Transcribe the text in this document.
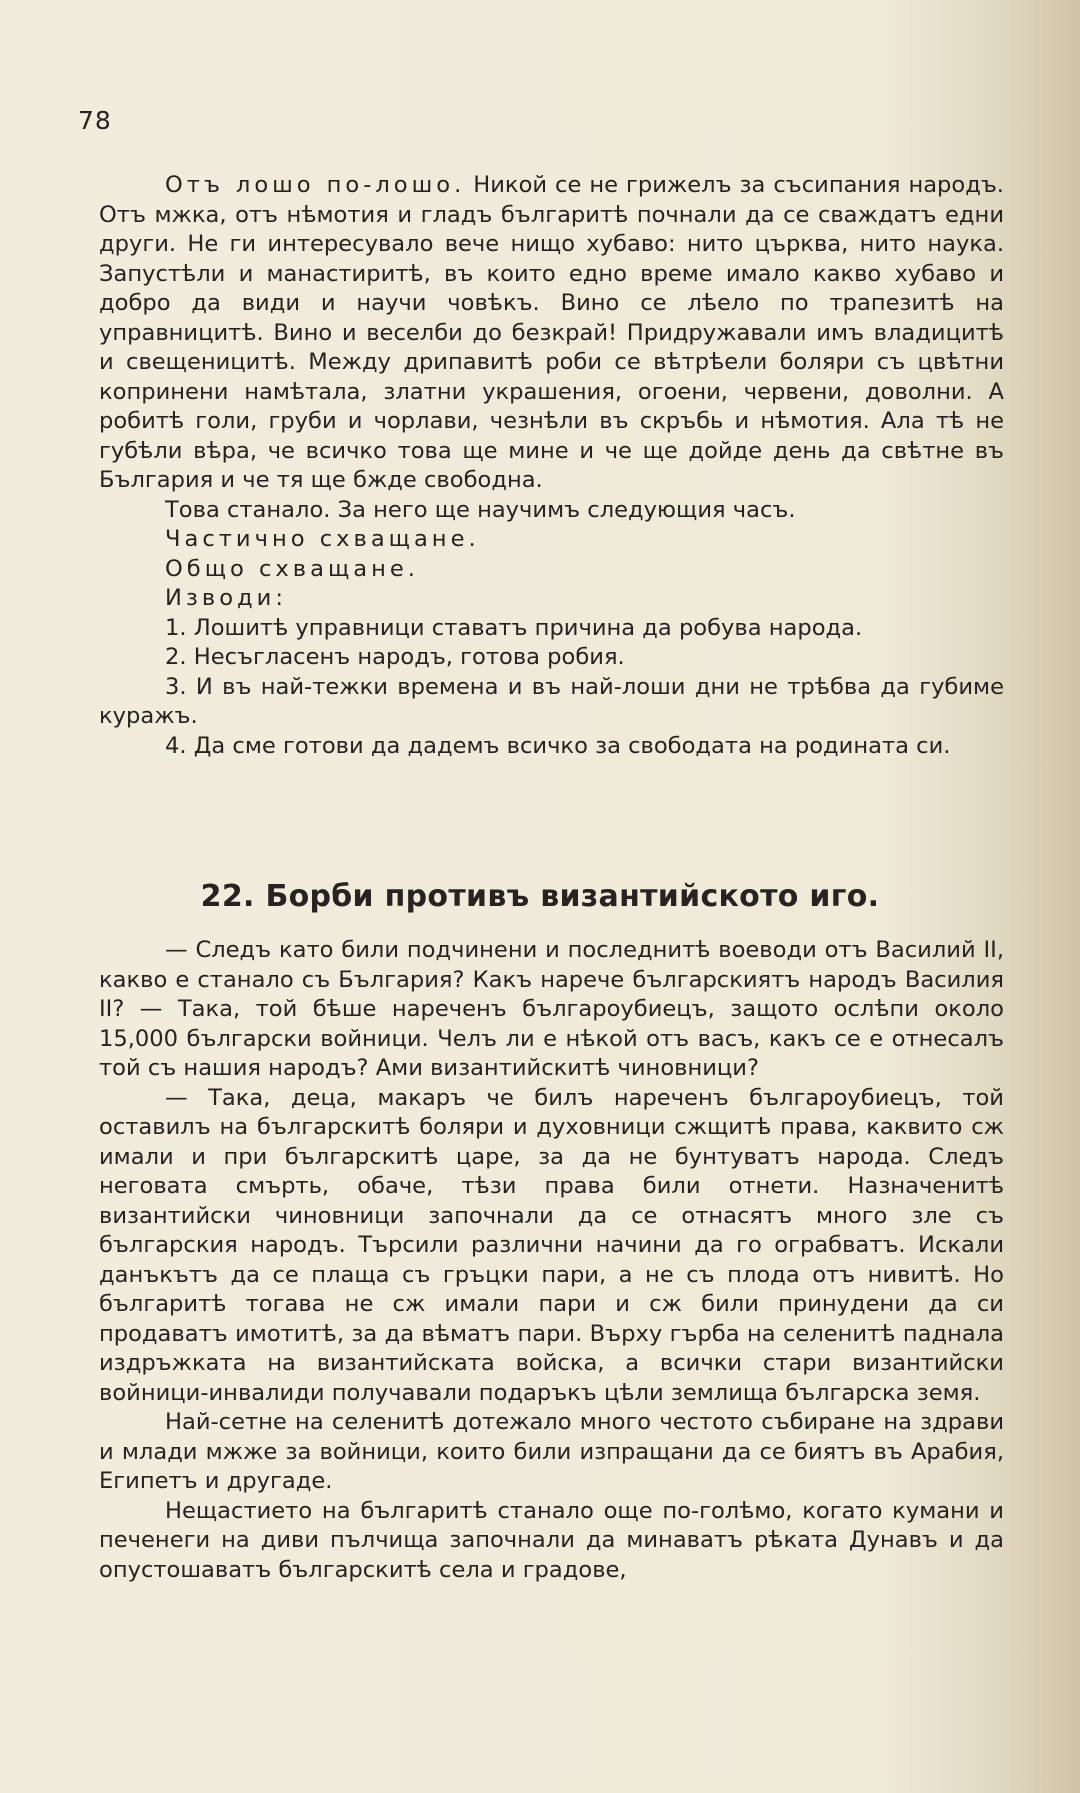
78

Отъ лошо по-лошо. Никой се не грижелъ за съсипания народъ. Отъ мжка, отъ нѣмотия и гладъ българитѣ почнали да се сваждатъ едни други. Не ги интересувало вече нищо хубаво: нито църква, нито наука. Запустѣли и манастиритѣ, въ които едно време имало какво хубаво и добро да види и научи човѣкъ. Вино се лѣело по трапезитѣ на управницитѣ. Вино и веселби до безкрай! Придружавали имъ владицитѣ и свещеницитѣ. Между дрипавитѣ роби се вѣтрѣели боляри съ цвѣтни копринени намѣтала, златни украшения, огоени, червени, доволни. А робитѣ голи, груби и чорлави, чезнѣли въ скръбь и нѣмотия. Ала тѣ не губѣли вѣра, че всичко това ще мине и че ще дойде день да свѣтне въ България и че тя ще бжде свободна.

Това станало. За него ще научимъ следующия часъ.

Частично схващане.

Общо схващане.

Изводи:

1. Лошитѣ управници ставатъ причина да робува народа.

2. Несъгласенъ народъ, готова робия.

3. И въ най-тежки времена и въ най-лоши дни не трѣбва да губиме куражъ.

4. Да сме готови да дадемъ всичко за свободата на родината си.

22. Борби противъ византийското иго.

— Следъ като били подчинени и последнитѣ воеводи отъ Василий II, какво е станало съ България? Какъ нарече българскиятъ народъ Василия II? — Така, той бѣше нареченъ българоубиецъ, защото ослѣпи около 15,000 български войници. Челъ ли е нѣкой отъ васъ, какъ се е отнесалъ той съ нашия народъ? Ами византийскитѣ чиновници?

— Така, деца, макаръ че билъ нареченъ българоубиецъ, той оставилъ на българскитѣ боляри и духовници сжщитѣ права, каквито сж имали и при българскитѣ царе, за да не бунтуватъ народа. Следъ неговата смърть, обаче, тѣзи права били отнети. Назначенитѣ византийски чиновници започнали да се отнасятъ много зле съ българския народъ. Търсили различни начини да го ограбватъ. Искали данъкътъ да се плаща съ гръцки пари, а не съ плода отъ нивитѣ. Но българитѣ тогава не сж имали пари и сж били принудени да си продаватъ имотитѣ, за да вѣматъ пари. Върху гърба на селенитѣ паднала издръжката на византийската войска, а всички стари византийски войници-инвалиди получавали подаръкъ цѣли землища българска земя.

Най-сетне на селенитѣ дотежало много честото събиране на здрави и млади мжже за войници, които били изпращани да се биятъ въ Арабия, Египетъ и другаде.

Нещастието на българитѣ станало още по-голѣмо, когато кумани и печенеги на диви пълчища започнали да минаватъ рѣката Дунавъ и да опустошаватъ българскитѣ села и градове,
